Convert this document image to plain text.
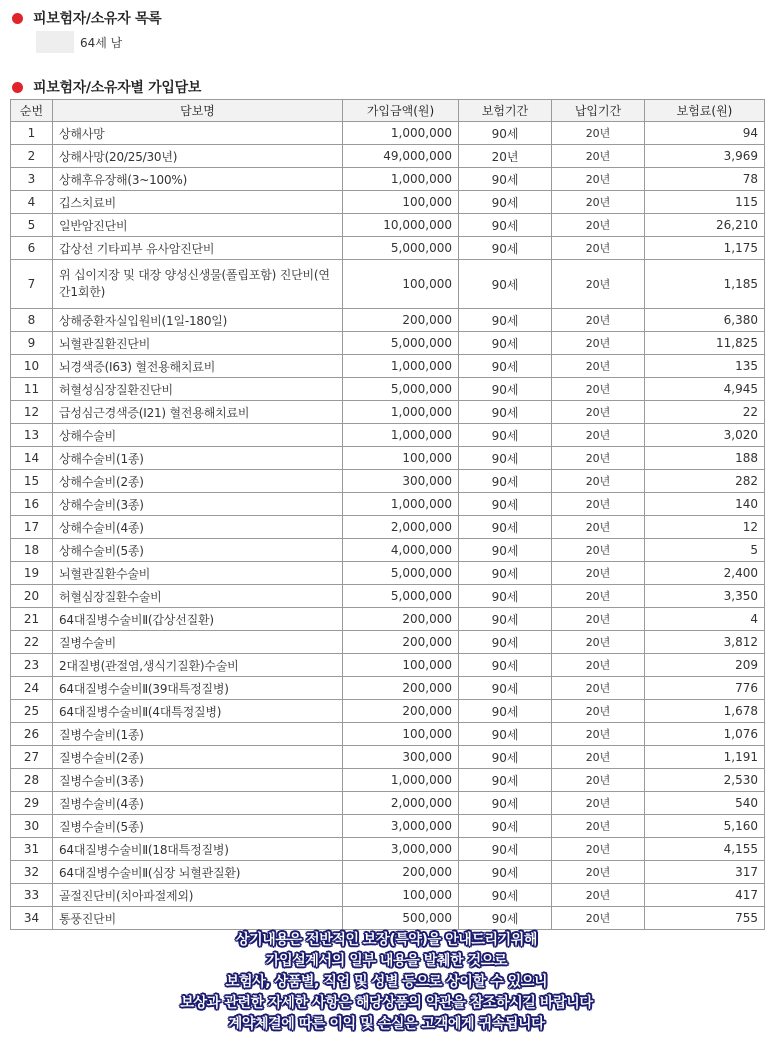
피보험자/소유자 목록
64세 남
피보험자/소유자별 가입담보
순번	담보명	가입금액(원)	보험기간	납입기간	보험료(원)
1	상해사망	1,000,000	90세	20년	94
2	상해사망(20/25/30년)	49,000,000	20년	20년	3,969
3	상해후유장해(3~100%)	1,000,000	90세	20년	78
4	깁스치료비	100,000	90세	20년	115
5	일반암진단비	10,000,000	90세	20년	26,210
6	갑상선 기타피부 유사암진단비	5,000,000	90세	20년	1,175
7	위 십이지장 및 대장 양성신생물(폴립포함) 진단비(연간1회한)	100,000	90세	20년	1,185
8	상해중환자실입원비(1일-180일)	200,000	90세	20년	6,380
9	뇌혈관질환진단비	5,000,000	90세	20년	11,825
10	뇌경색증(I63) 혈전용해치료비	1,000,000	90세	20년	135
11	허혈성심장질환진단비	5,000,000	90세	20년	4,945
12	급성심근경색증(I21) 혈전용해치료비	1,000,000	90세	20년	22
13	상해수술비	1,000,000	90세	20년	3,020
14	상해수술비(1종)	100,000	90세	20년	188
15	상해수술비(2종)	300,000	90세	20년	282
16	상해수술비(3종)	1,000,000	90세	20년	140
17	상해수술비(4종)	2,000,000	90세	20년	12
18	상해수술비(5종)	4,000,000	90세	20년	5
19	뇌혈관질환수술비	5,000,000	90세	20년	2,400
20	허혈심장질환수술비	5,000,000	90세	20년	3,350
21	64대질병수술비Ⅱ(갑상선질환)	200,000	90세	20년	4
22	질병수술비	200,000	90세	20년	3,812
23	2대질병(관절염,생식기질환)수술비	100,000	90세	20년	209
24	64대질병수술비Ⅱ(39대특정질병)	200,000	90세	20년	776
25	64대질병수술비Ⅱ(4대특정질병)	200,000	90세	20년	1,678
26	질병수술비(1종)	100,000	90세	20년	1,076
27	질병수술비(2종)	300,000	90세	20년	1,191
28	질병수술비(3종)	1,000,000	90세	20년	2,530
29	질병수술비(4종)	2,000,000	90세	20년	540
30	질병수술비(5종)	3,000,000	90세	20년	5,160
31	64대질병수술비Ⅱ(18대특정질병)	3,000,000	90세	20년	4,155
32	64대질병수술비Ⅱ(심장 뇌혈관질환)	200,000	90세	20년	317
33	골절진단비(치아파절제외)	100,000	90세	20년	417
34	통풍진단비	500,000	90세	20년	755
상기내용은 전반적인 보장(특약)을 안내드리기위해
가입설계서의 일부 내용을 발췌한 것으로
보험사, 상품별, 직업 및 성별 등으로 상이할 수 있으니
보상과 관련한 자세한 사항은 해당상품의 약관을 참조하시길 바랍니다
계약체결에 따른 이익 및 손실은 고객에게 귀속됩니다
